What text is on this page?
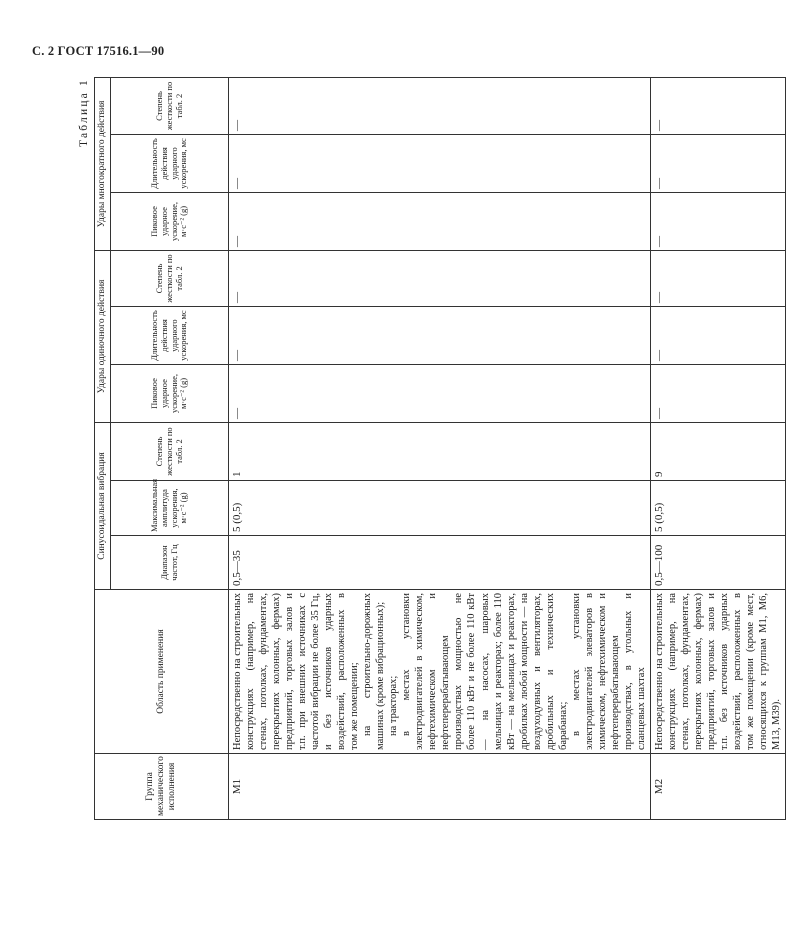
С. 2 ГОСТ 17516.1—90
Таблица 1
Группа механического исполнения	Область применения	Синусоидальная вибрация			Удары одиночного действия			Удары многократного действия		
		Диапазон частот, Гц	Максимальная амплитуда ускорения, м·с⁻² (g)	Степень жесткости по табл. 2	Пиковое ударное ускорение, м·с⁻² (g)	Длительность действия ударного ускорения, мс	Степень жесткости по табл. 2	Пиковое ударное ускорение, м·с⁻² (g)	Длительность действия ударного ускорения, мс	Степень жесткости по табл. 2
М1	Непосредственно на строительных конструкциях (например, на стенах, потолках, фундаментах, перекрытиях колонных, фермах) предприятий, торговых залов и т.п. при внешних источниках с частотой вибрации не более 35 Гц, и без источников ударных воздействий, расположенных в том же помещении; на строительно-дорожных машинах (кроме вибрационных); на тракторах; в местах установки электродвигателей в химическом, нефтехимическом и нефтеперерабатывающем производствах мощностью не более 110 кВт и не более 110 кВт — на насосах, шаровых мельницах и реакторах; более 110 кВт — на мельницах и реакторах, дробилках любой мощности — на воздуходувных и вентиляторах, дробильных и технических барабанах; в местах установки электродвигателей элеваторов в химическом, нефтехимическом и нефтеперерабатывающем производствах, в угольных и сланцевых шахтах	0,5—35	5 (0,5)	1	—	—	—	—	—	—
М2	Непосредственно на строительных конструкциях (например, на стенах, потолках, фундаментах, перекрытиях колонных, фермах) предприятий, торговых залов и т.п. без источников ударных воздействий, расположенных в том же помещении (кроме мест, относящихся к группам М1, М6, М13, М39).	0,5—100	5 (0,5)	9	—	—	—	—	—	—
